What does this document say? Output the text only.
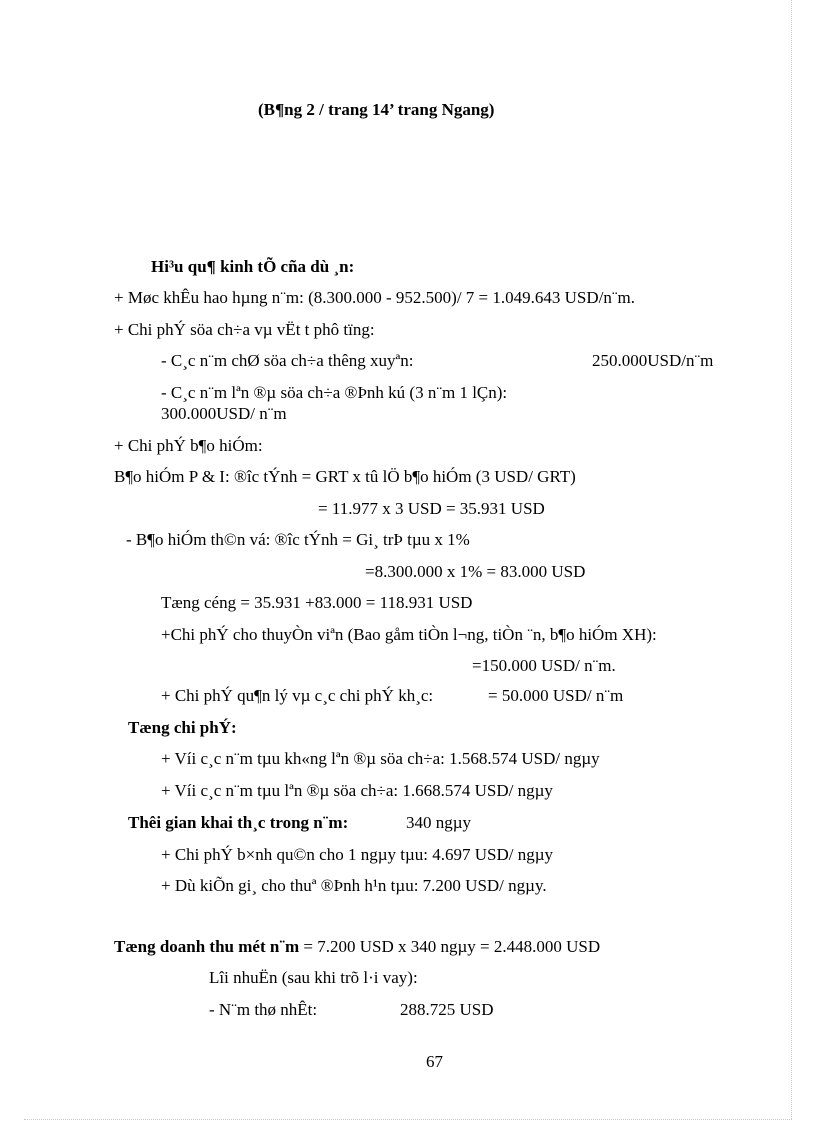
(B¶ng 2 / trang 14’ trang Ngang)
Hi³u qu¶ kinh tÕ cña dù ¸n:
+ Møc khÊu hao hµng n¨m: (8.300.000 - 952.500)/ 7 = 1.049.643 USD/n¨m.
+ Chi phÝ söa ch÷a vµ vËt t phô tïng:
- C¸c n¨m chØ söa ch÷a thêng xuyªn:	250.000USD/n¨m
- C¸c n¨m lªn ®µ söa ch÷a ®Þnh kú (3 n¨m 1 lÇn):
300.000USD/ n¨m
+ Chi phÝ b¶o hiÓm:
B¶o hiÓm P & I: ®îc tÝnh = GRT x tû lÖ b¶o hiÓm (3 USD/ GRT)
= 11.977 x 3 USD = 35.931 USD
- B¶o hiÓm th©n vá: ®îc tÝnh = Gi¸ trÞ tµu x 1%
=8.300.000 x 1% = 83.000 USD
Tæng céng = 35.931 +83.000 = 118.931 USD
+Chi phÝ cho thuyÒn viªn (Bao gåm tiÒn l¬ng, tiÒn ¨n, b¶o hiÓm XH):
=150.000 USD/ n¨m.
+ Chi phÝ qu¶n lý vµ c¸c chi phÝ kh¸c:	= 50.000 USD/ n¨m
Tæng chi phÝ:
+ Víi c¸c n¨m tµu kh«ng lªn ®µ söa ch÷a: 1.568.574 USD/ ngµy
+ Víi c¸c n¨m tµu lªn ®µ söa ch÷a: 1.668.574 USD/ ngµy
Thêi gian khai th¸c trong n¨m:	340 ngµy
+ Chi phÝ b×nh qu©n cho 1 ngµy tµu: 4.697 USD/ ngµy
+ Dù kiÕn gi¸ cho thuª ®Þnh h¹n tµu: 7.200 USD/ ngµy.
Tæng doanh thu mét n¨m = 7.200 USD x 340 ngµy = 2.448.000 USD
Lîi nhuËn (sau khi trõ l·i vay):
- N¨m thø nhÊt:	288.725 USD
67
